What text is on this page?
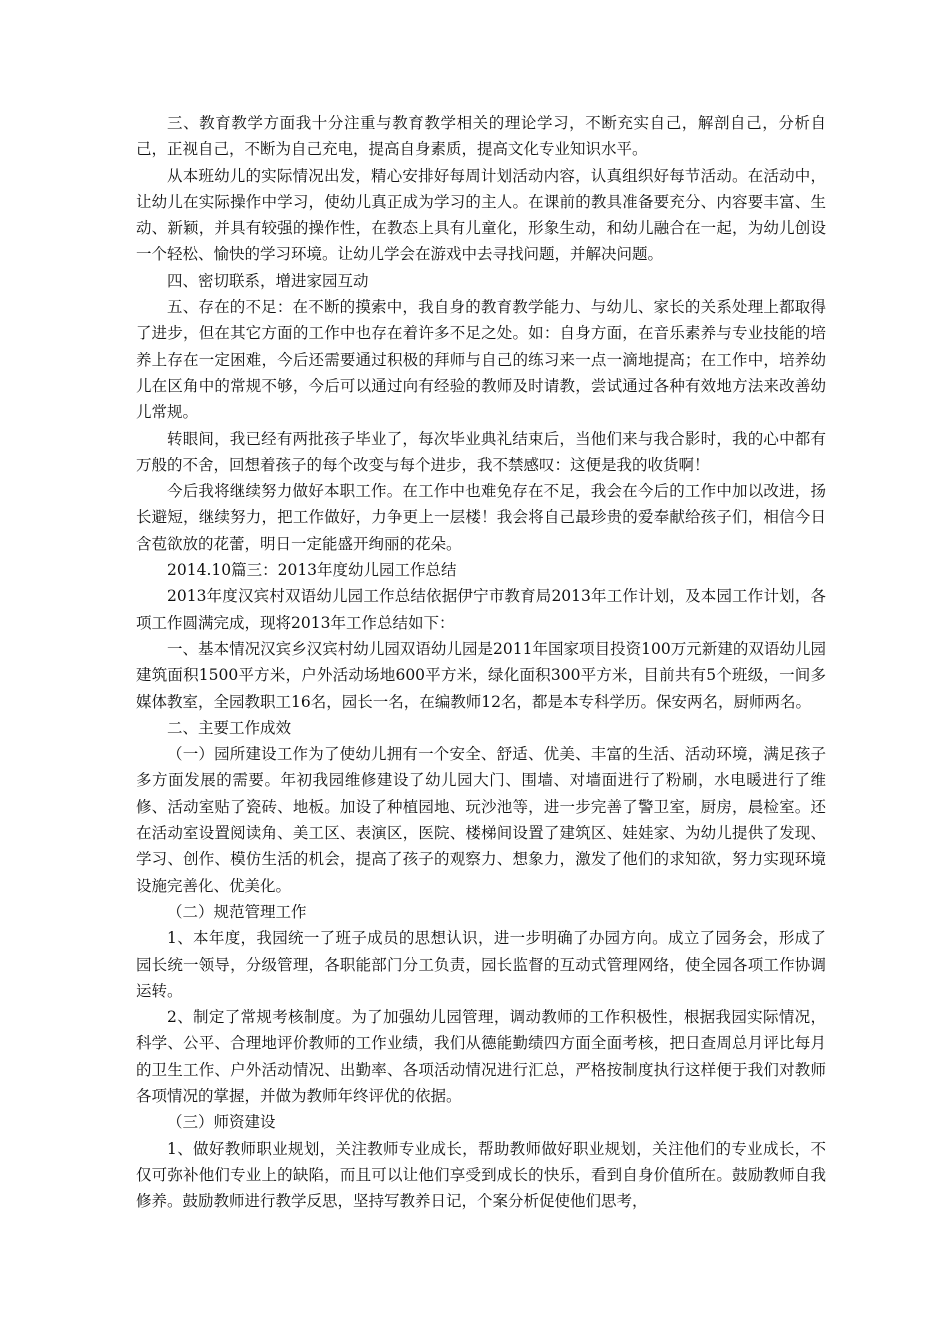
三、教育教学方面我十分注重与教育教学相关的理论学习，不断充实自己，解剖自己，分析自己，正视自己，不断为自己充电，提高自身素质，提高文化专业知识水平。

从本班幼儿的实际情况出发，精心安排好每周计划活动内容，认真组织好每节活动。在活动中，让幼儿在实际操作中学习，使幼儿真正成为学习的主人。在课前的教具准备要充分、内容要丰富、生动、新颖，并具有较强的操作性，在教态上具有儿童化，形象生动，和幼儿融合在一起，为幼儿创设一个轻松、愉快的学习环境。让幼儿学会在游戏中去寻找问题，并解决问题。

四、密切联系，增进家园互动

五、存在的不足：在不断的摸索中，我自身的教育教学能力、与幼儿、家长的关系处理上都取得了进步，但在其它方面的工作中也存在着许多不足之处。如：自身方面，在音乐素养与专业技能的培养上存在一定困难，今后还需要通过积极的拜师与自己的练习来一点一滴地提高；在工作中，培养幼儿在区角中的常规不够，今后可以通过向有经验的教师及时请教，尝试通过各种有效地方法来改善幼儿常规。

转眼间，我已经有两批孩子毕业了，每次毕业典礼结束后，当他们来与我合影时，我的心中都有万般的不舍，回想着孩子的每个改变与每个进步，我不禁感叹：这便是我的收货啊！

今后我将继续努力做好本职工作。在工作中也难免存在不足，我会在今后的工作中加以改进，扬长避短，继续努力，把工作做好，力争更上一层楼！我会将自己最珍贵的爱奉献给孩子们，相信今日含苞欲放的花蕾，明日一定能盛开绚丽的花朵。

2014.10篇三：2013年度幼儿园工作总结

2013年度汉宾村双语幼儿园工作总结依据伊宁市教育局2013年工作计划，及本园工作计划，各项工作圆满完成，现将2013年工作总结如下：

一、基本情况汉宾乡汉宾村幼儿园双语幼儿园是2011年国家项目投资100万元新建的双语幼儿园建筑面积1500平方米，户外活动场地600平方米，绿化面积300平方米，目前共有5个班级，一间多媒体教室，全园教职工16名，园长一名，在编教师12名，都是本专科学历。保安两名，厨师两名。

二、主要工作成效

（一）园所建设工作为了使幼儿拥有一个安全、舒适、优美、丰富的生活、活动环境，满足孩子多方面发展的需要。年初我园维修建设了幼儿园大门、围墙、对墙面进行了粉刷，水电暖进行了维修、活动室贴了瓷砖、地板。加设了种植园地、玩沙池等，进一步完善了警卫室，厨房，晨检室。还在活动室设置阅读角、美工区、表演区，医院、楼梯间设置了建筑区、娃娃家、为幼儿提供了发现、学习、创作、模仿生活的机会，提高了孩子的观察力、想象力，激发了他们的求知欲，努力实现环境设施完善化、优美化。

（二）规范管理工作

1、本年度，我园统一了班子成员的思想认识，进一步明确了办园方向。成立了园务会，形成了园长统一领导，分级管理，各职能部门分工负责，园长监督的互动式管理网络，使全园各项工作协调运转。

2、制定了常规考核制度。为了加强幼儿园管理，调动教师的工作积极性，根据我园实际情况，科学、公平、合理地评价教师的工作业绩，我们从德能勤绩四方面全面考核，把日查周总月评比每月的卫生工作、户外活动情况、出勤率、各项活动情况进行汇总，严格按制度执行这样便于我们对教师各项情况的掌握，并做为教师年终评优的依据。

（三）师资建设

1、做好教师职业规划，关注教师专业成长，帮助教师做好职业规划，关注他们的专业成长，不仅可弥补他们专业上的缺陷，而且可以让他们享受到成长的快乐，看到自身价值所在。鼓励教师自我修养。鼓励教师进行教学反思，坚持写教养日记，个案分析促使他们思考，
